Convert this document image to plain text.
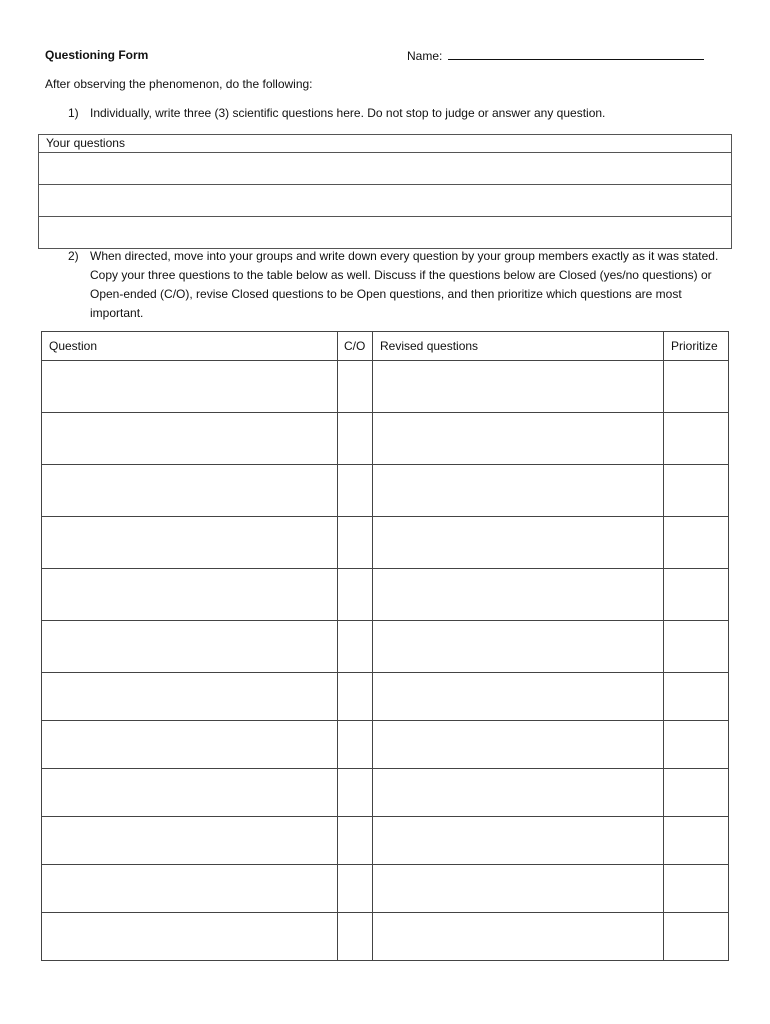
Questioning Form	Name:
After observing the phenomenon, do the following:
1) Individually, write three (3) scientific questions here. Do not stop to judge or answer any question.
Your questions
2) When directed, move into your groups and write down every question by your group members exactly as it was stated. Copy your three questions to the table below as well. Discuss if the questions below are Closed (yes/no questions) or Open-ended (C/O), revise Closed questions to be Open questions, and then prioritize which questions are most important.
Question	C/O	Revised questions	Prioritize
